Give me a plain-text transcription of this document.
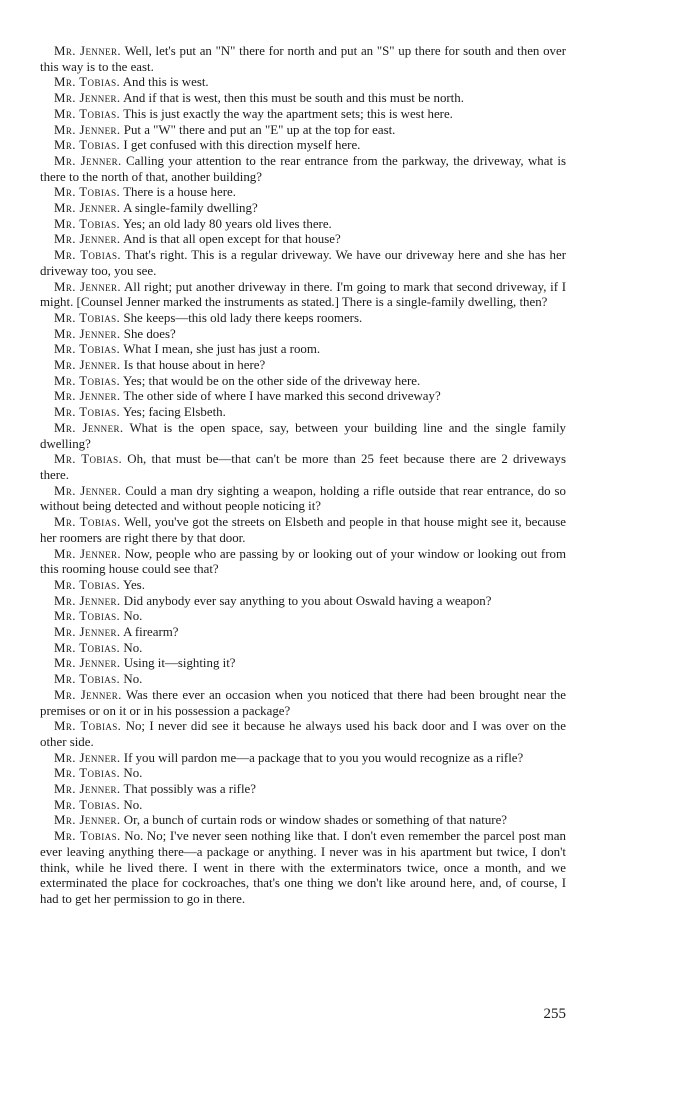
Mr. Jenner. Well, let's put an "N" there for north and put an "S" up there for south and then over this way is to the east.

Mr. Tobias. And this is west.

Mr. Jenner. And if that is west, then this must be south and this must be north.

Mr. Tobias. This is just exactly the way the apartment sets; this is west here.

Mr. Jenner. Put a "W" there and put an "E" up at the top for east.

Mr. Tobias. I get confused with this direction myself here.

Mr. Jenner. Calling your attention to the rear entrance from the parkway, the driveway, what is there to the north of that, another building?

Mr. Tobias. There is a house here.

Mr. Jenner. A single-family dwelling?

Mr. Tobias. Yes; an old lady 80 years old lives there.

Mr. Jenner. And is that all open except for that house?

Mr. Tobias. That's right. This is a regular driveway. We have our driveway here and she has her driveway too, you see.

Mr. Jenner. All right; put another driveway in there. I'm going to mark that second driveway, if I might. [Counsel Jenner marked the instruments as stated.] There is a single-family dwelling, then?

Mr. Tobias. She keeps—this old lady there keeps roomers.

Mr. Jenner. She does?

Mr. Tobias. What I mean, she just has just a room.

Mr. Jenner. Is that house about in here?

Mr. Tobias. Yes; that would be on the other side of the driveway here.

Mr. Jenner. The other side of where I have marked this second driveway?

Mr. Tobias. Yes; facing Elsbeth.

Mr. Jenner. What is the open space, say, between your building line and the single family dwelling?

Mr. Tobias. Oh, that must be—that can't be more than 25 feet because there are 2 driveways there.

Mr. Jenner. Could a man dry sighting a weapon, holding a rifle outside that rear entrance, do so without being detected and without people noticing it?

Mr. Tobias. Well, you've got the streets on Elsbeth and people in that house might see it, because her roomers are right there by that door.

Mr. Jenner. Now, people who are passing by or looking out of your window or looking out from this rooming house could see that?

Mr. Tobias. Yes.

Mr. Jenner. Did anybody ever say anything to you about Oswald having a weapon?

Mr. Tobias. No.

Mr. Jenner. A firearm?

Mr. Tobias. No.

Mr. Jenner. Using it—sighting it?

Mr. Tobias. No.

Mr. Jenner. Was there ever an occasion when you noticed that there had been brought near the premises or on it or in his possession a package?

Mr. Tobias. No; I never did see it because he always used his back door and I was over on the other side.

Mr. Jenner. If you will pardon me—a package that to you you would recognize as a rifle?

Mr. Tobias. No.

Mr. Jenner. That possibly was a rifle?

Mr. Tobias. No.

Mr. Jenner. Or, a bunch of curtain rods or window shades or something of that nature?

Mr. Tobias. No. No; I've never seen nothing like that. I don't even remember the parcel post man ever leaving anything there—a package or anything. I never was in his apartment but twice, I don't think, while he lived there. I went in there with the exterminators twice, once a month, and we exterminated the place for cockroaches, that's one thing we don't like around here, and, of course, I had to get her permission to go in there.

255
